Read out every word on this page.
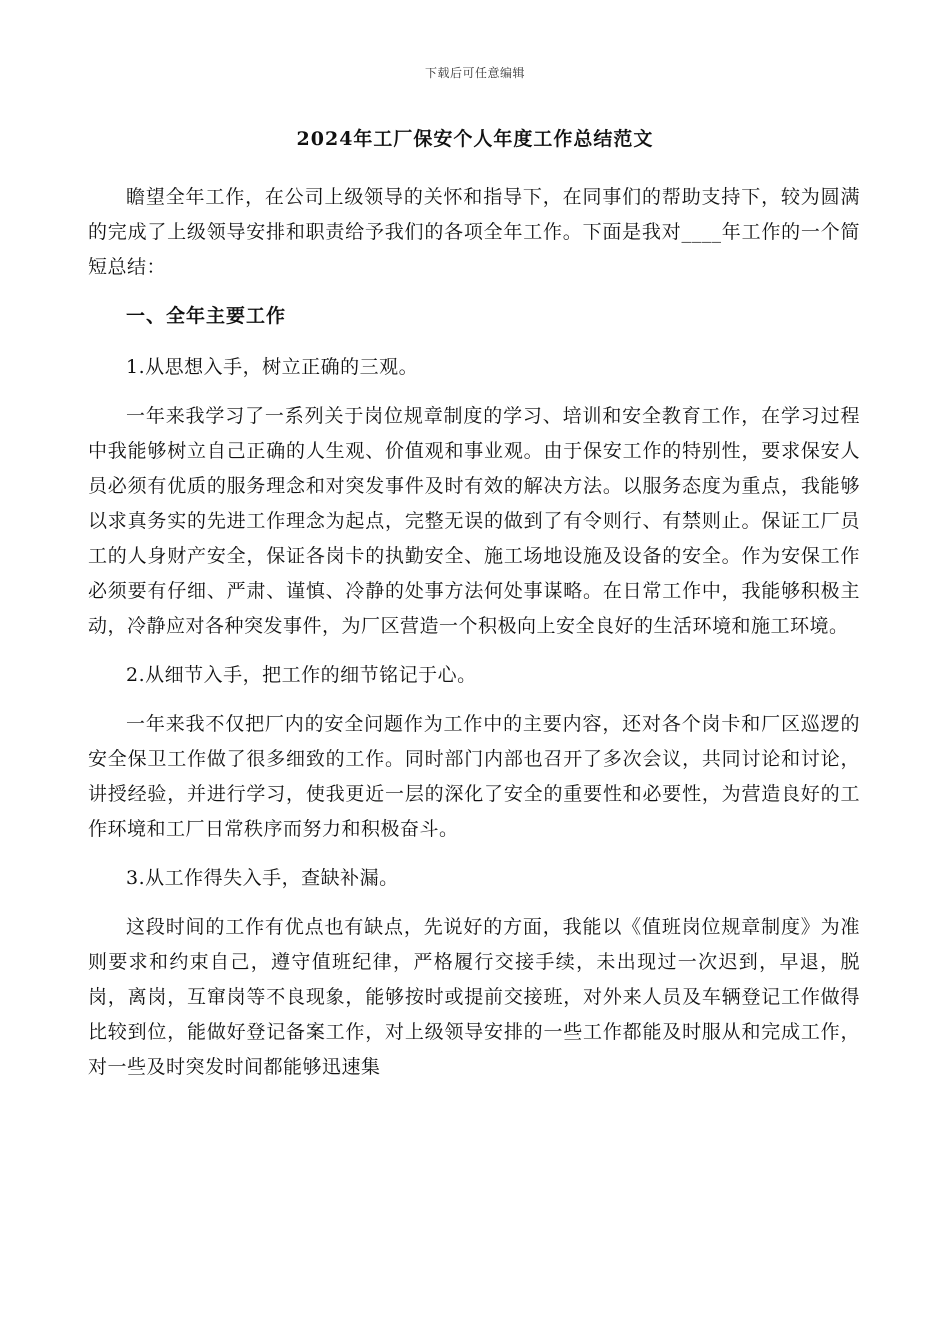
下载后可任意编辑
2024年工厂保安个人年度工作总结范文

瞻望全年工作，在公司上级领导的关怀和指导下，在同事们的帮助支持下，较为圆满的完成了上级领导安排和职责给予我们的各项全年工作。下面是我对____年工作的一个简短总结：

一、全年主要工作
1.从思想入手，树立正确的三观。

一年来我学习了一系列关于岗位规章制度的学习、培训和安全教育工作，在学习过程中我能够树立自己正确的人生观、价值观和事业观。由于保安工作的特别性，要求保安人员必须有优质的服务理念和对突发事件及时有效的解决方法。以服务态度为重点，我能够以求真务实的先进工作理念为起点，完整无误的做到了有令则行、有禁则止。保证工厂员工的人身财产安全，保证各岗卡的执勤安全、施工场地设施及设备的安全。作为安保工作必须要有仔细、严肃、谨慎、冷静的处事方法何处事谋略。在日常工作中，我能够积极主动，冷静应对各种突发事件，为厂区营造一个积极向上安全良好的生活环境和施工环境。

2.从细节入手，把工作的细节铭记于心。

一年来我不仅把厂内的安全问题作为工作中的主要内容，还对各个岗卡和厂区巡逻的安全保卫工作做了很多细致的工作。同时部门内部也召开了多次会议，共同讨论和讨论，讲授经验，并进行学习，使我更近一层的深化了安全的重要性和必要性，为营造良好的工作环境和工厂日常秩序而努力和积极奋斗。

3.从工作得失入手，查缺补漏。

这段时间的工作有优点也有缺点，先说好的方面，我能以《值班岗位规章制度》为准则要求和约束自己，遵守值班纪律，严格履行交接手续，未出现过一次迟到，早退，脱岗，离岗，互窜岗等不良现象，能够按时或提前交接班，对外来人员及车辆登记工作做得比较到位，能做好登记备案工作，对上级领导安排的一些工作都能及时服从和完成工作，对一些及时突发时间都能够迅速集
